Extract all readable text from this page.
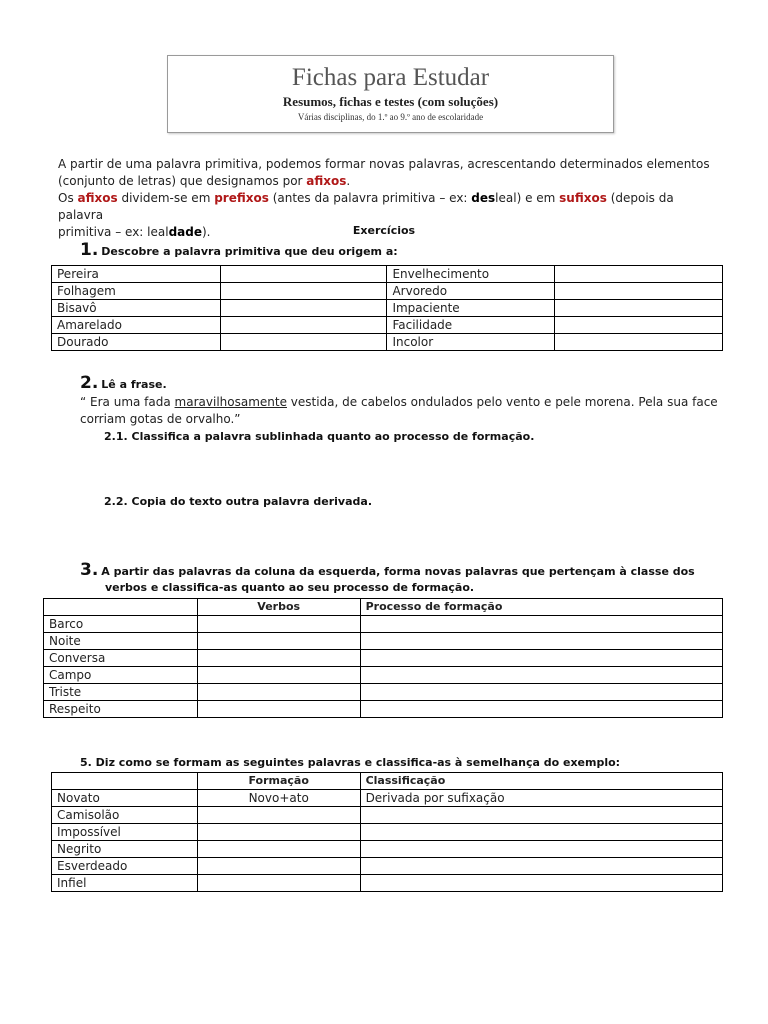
Fichas para Estudar
Resumos, fichas e testes (com soluções)
Várias disciplinas, do 1.º ao 9.º ano de escolaridade
A partir de uma palavra primitiva, podemos formar novas palavras, acrescentando determinados elementos
(conjunto de letras) que designamos por afixos.
Os afixos dividem-se em prefixos (antes da palavra primitiva – ex: desleal) e em sufixos (depois da palavra
primitiva – ex: lealdade).	Exercícios
1. Descobre a palavra primitiva que deu origem a:
Pereira		Envelhecimento	
Folhagem		Arvoredo	
Bisavô		Impaciente	
Amarelado		Facilidade	
Dourado		Incolor	
2. Lê a frase.
“ Era uma fada maravilhosamente vestida, de cabelos ondulados pelo vento e pele morena. Pela sua face
corriam gotas de orvalho.”
2.1. Classifica a palavra sublinhada quanto ao processo de formação.
2.2. Copia do texto outra palavra derivada.
3. A partir das palavras da coluna da esquerda, forma novas palavras que pertençam à classe dos
verbos e classifica-as quanto ao seu processo de formação.
	Verbos	Processo de formação
Barco		
Noite		
Conversa		
Campo		
Triste		
Respeito		
5. Diz como se formam as seguintes palavras e classifica-as à semelhança do exemplo:
	Formação	Classificação
Novato	Novo+ato	Derivada por sufixação
Camisolão		
Impossível		
Negrito		
Esverdeado		
Infiel		
